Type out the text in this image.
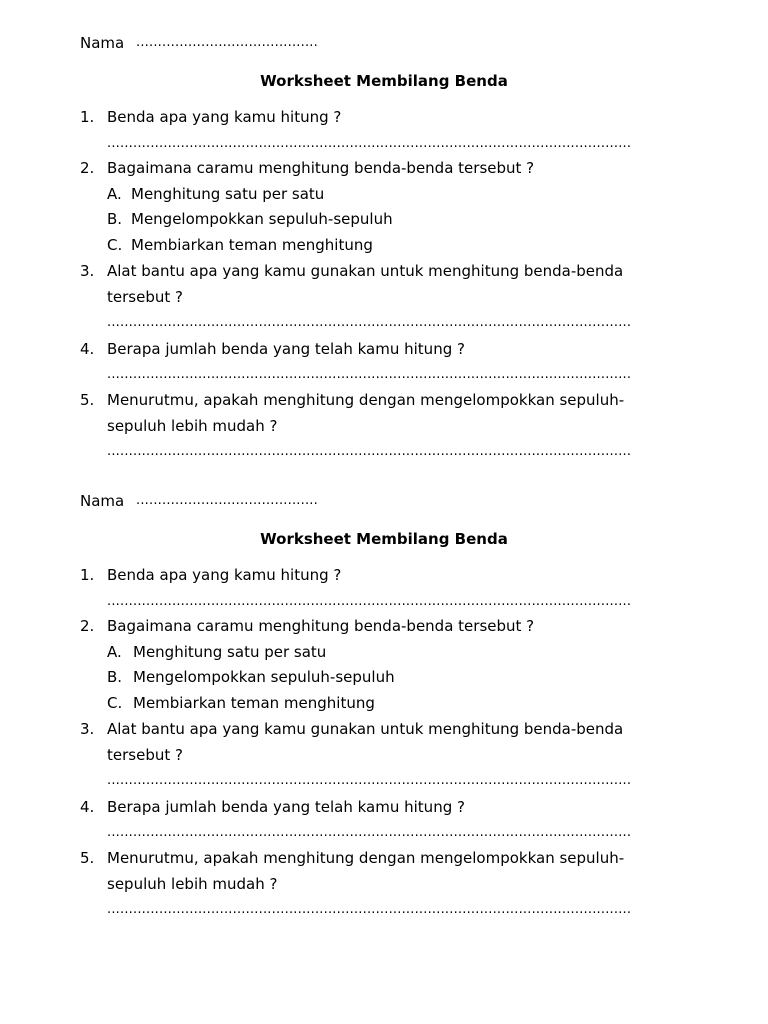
Nama ..........................................
Worksheet Membilang Benda
1. Benda apa yang kamu hitung ?
.........................................................................................................................
2. Bagaimana caramu menghitung benda-benda tersebut ?
A. Menghitung satu per satu
B. Mengelompokkan sepuluh-sepuluh
C. Membiarkan teman menghitung
3. Alat bantu apa yang kamu gunakan untuk menghitung benda-benda
tersebut ?
.........................................................................................................................
4. Berapa jumlah benda yang telah kamu hitung ?
.........................................................................................................................
5. Menurutmu, apakah menghitung dengan mengelompokkan sepuluh-
sepuluh lebih mudah ?
.........................................................................................................................
Nama ..........................................
Worksheet Membilang Benda
1. Benda apa yang kamu hitung ?
.........................................................................................................................
2. Bagaimana caramu menghitung benda-benda tersebut ?
A. Menghitung satu per satu
B. Mengelompokkan sepuluh-sepuluh
C. Membiarkan teman menghitung
3. Alat bantu apa yang kamu gunakan untuk menghitung benda-benda
tersebut ?
.........................................................................................................................
4. Berapa jumlah benda yang telah kamu hitung ?
.........................................................................................................................
5. Menurutmu, apakah menghitung dengan mengelompokkan sepuluh-
sepuluh lebih mudah ?
.........................................................................................................................
